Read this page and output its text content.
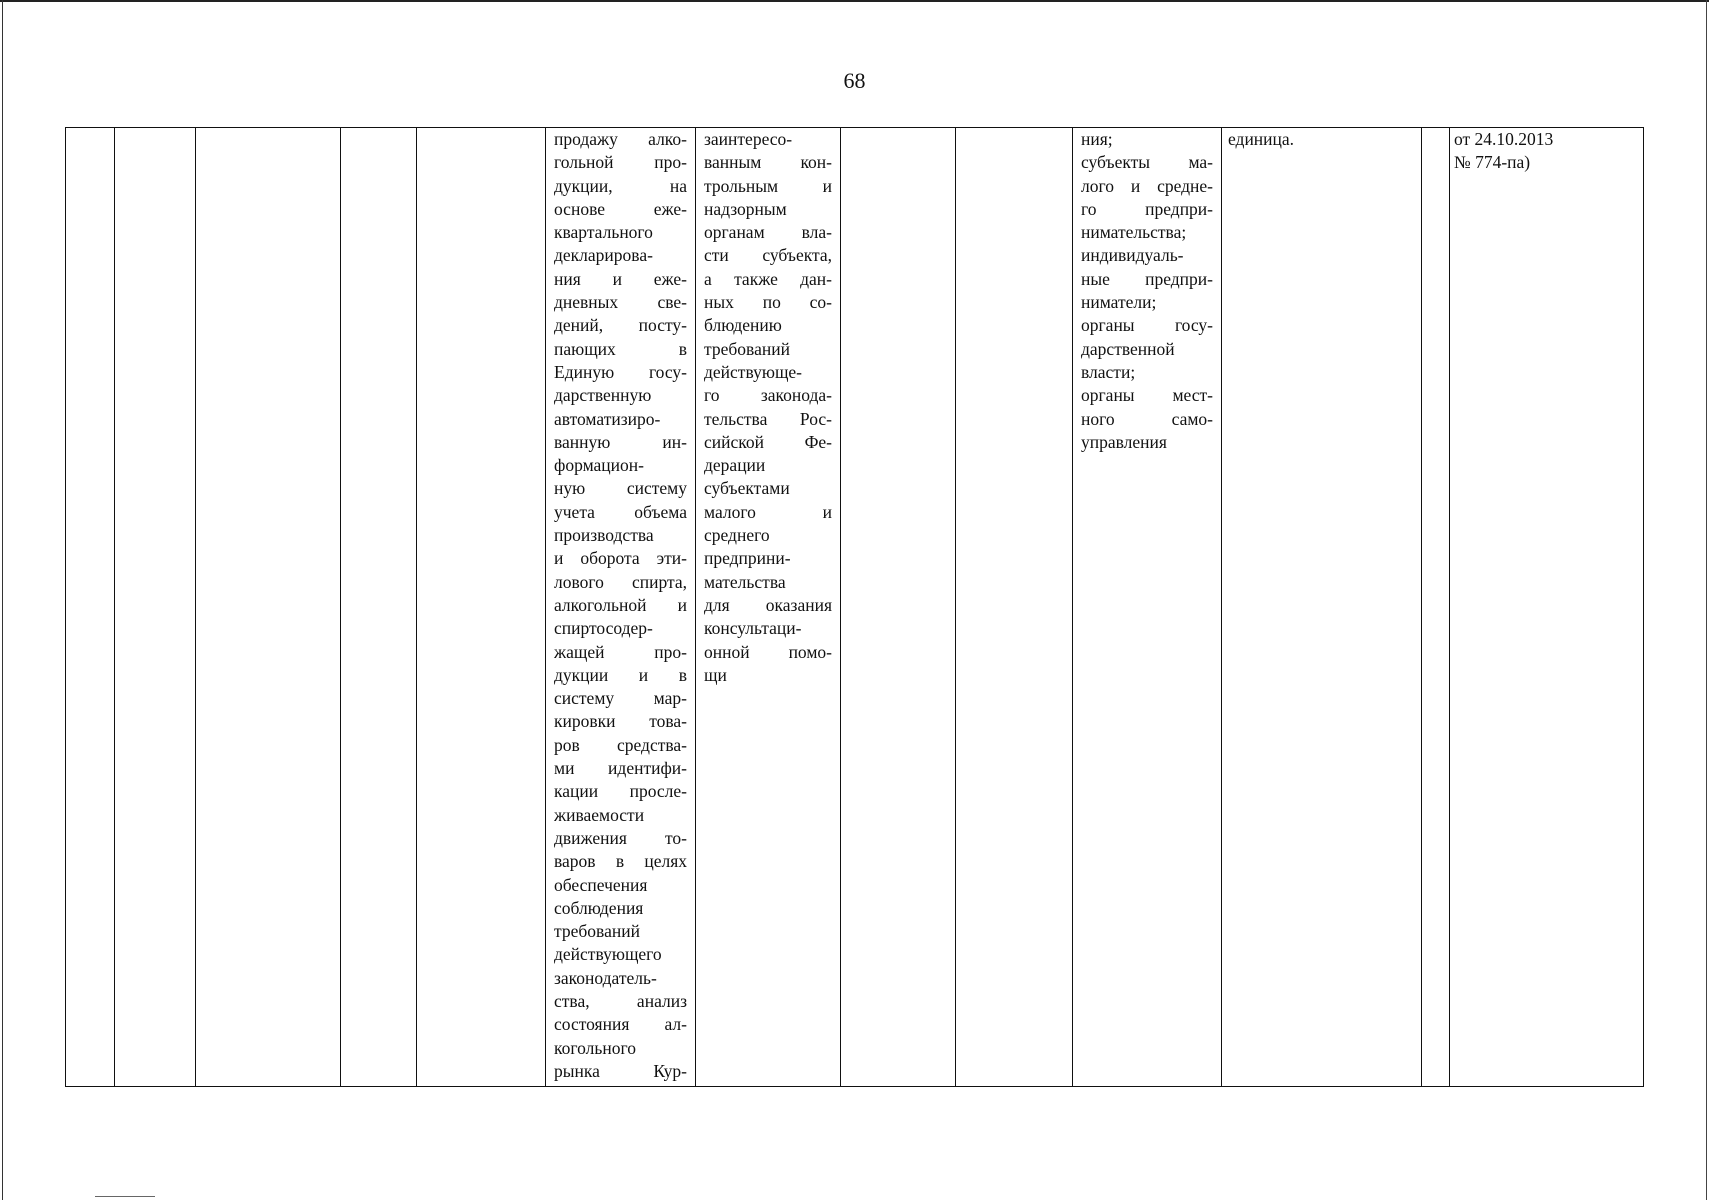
68

продажу алко-
гольной про-
дукции, на
основе еже-
квартального
декларирова-
ния и еже-
дневных све-
дений, посту-
пающих в
Единую госу-
дарственную
автоматизиро-
ванную ин-
формацион-
ную систему
учета объема
производства
и оборота эти-
лового спирта,
алкогольной и
спиртосодер-
жащей про-
дукции и в
систему мар-
кировки това-
ров средства-
ми идентифи-
кации просле-
живаемости
движения то-
варов в целях
обеспечения
соблюдения
требований
действующего
законодатель-
ства, анализ
состояния ал-
когольного
рынка Кур-

заинтересо-
ванным кон-
трольным и
надзорным
органам вла-
сти субъекта,
а также дан-
ных по со-
блюдению
требований
действующе-
го законода-
тельства Рос-
сийской Фе-
дерации
субъектами
малого и
среднего
предприни-
мательства
для оказания
консультаци-
онной помо-
щи

ния;
субъекты ма-
лого и средне-
го предпри-
нимательства;
индивидуаль-
ные предпри-
ниматели;
органы госу-
дарственной
власти;
органы мест-
ного само-
управления

единица.		от 24.10.2013
№ 774-па)
